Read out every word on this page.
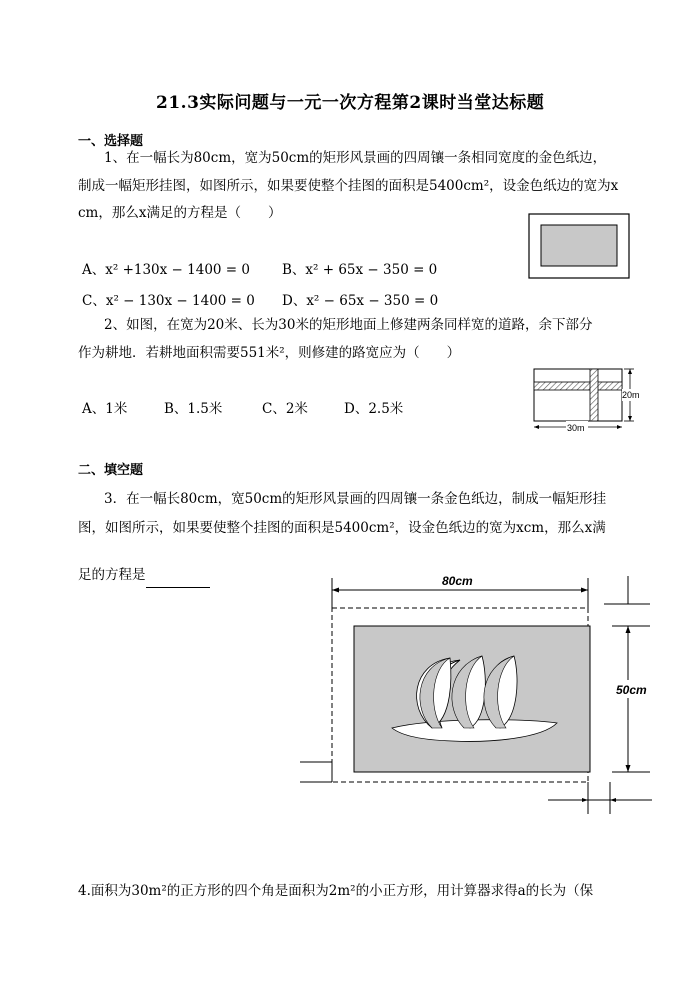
21.3实际问题与一元一次方程第2课时当堂达标题
一、选择题
1、在一幅长为80cm，宽为50cm的矩形风景画的四周镶一条相同宽度的金色纸边，
制成一幅矩形挂图，如图所示，如果要使整个挂图的面积是5400cm²，设金色纸边的宽为x
cm，那么x满足的方程是（　　）
A、x² +130x − 1400 = 0 B、x² + 65x − 350 = 0
C、x² − 130x − 1400 = 0 D、x² − 65x − 350 = 0
2、如图，在宽为20米、长为30米的矩形地面上修建两条同样宽的道路，余下部分
作为耕地．若耕地面积需要551米²，则修建的路宽应为（　　）
A、1米	B、1.5米	C、2米	D、2.5米
20m
30m
二、填空题
3．在一幅长80cm，宽50cm的矩形风景画的四周镶一条金色纸边，制成一幅矩形挂
图，如图所示，如果要使整个挂图的面积是5400cm²，设金色纸边的宽为xcm，那么x满
足的方程是	80cm
50cm
4.面积为30m²的正方形的四个角是面积为2m²的小正方形，用计算器求得a的长为（保
